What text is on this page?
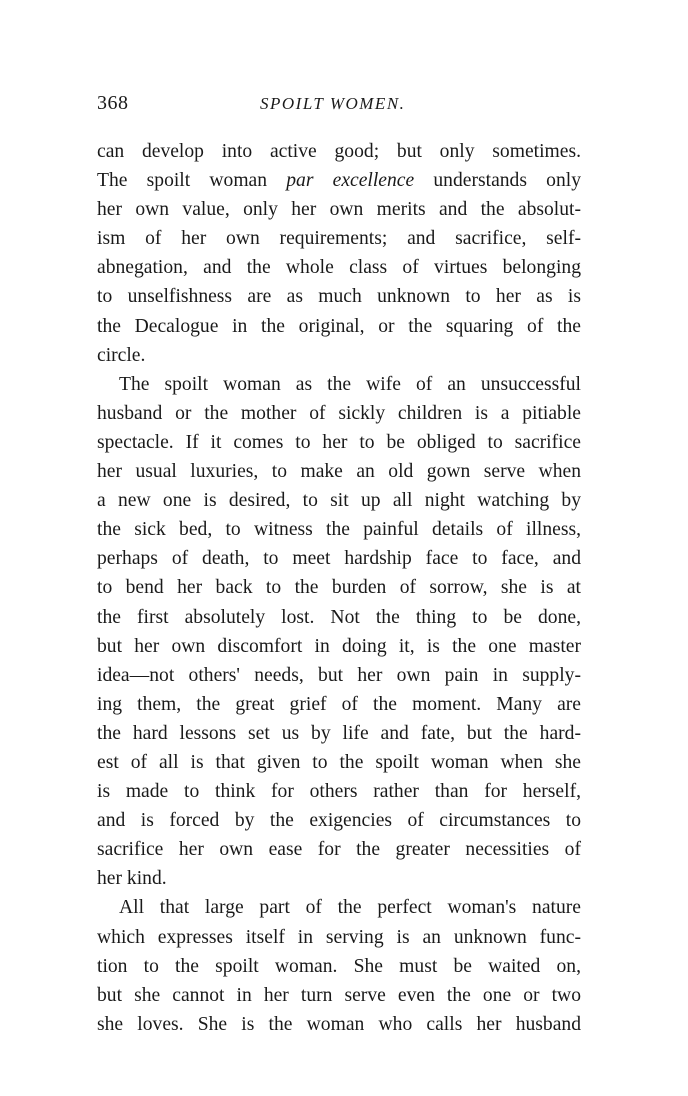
368	SPOILT WOMEN.
can develop into active good; but only sometimes.
The spoilt woman par excellence understands only
her own value, only her own merits and the absolut-
ism of her own requirements; and sacrifice, self-
abnegation, and the whole class of virtues belonging
to unselfishness are as much unknown to her as is
the Decalogue in the original, or the squaring of the
circle.
The spoilt woman as the wife of an unsuccessful
husband or the mother of sickly children is a pitiable
spectacle. If it comes to her to be obliged to sacrifice
her usual luxuries, to make an old gown serve when
a new one is desired, to sit up all night watching by
the sick bed, to witness the painful details of illness,
perhaps of death, to meet hardship face to face, and
to bend her back to the burden of sorrow, she is at
the first absolutely lost. Not the thing to be done,
but her own discomfort in doing it, is the one master
idea—not others' needs, but her own pain in supply-
ing them, the great grief of the moment. Many are
the hard lessons set us by life and fate, but the hard-
est of all is that given to the spoilt woman when she
is made to think for others rather than for herself,
and is forced by the exigencies of circumstances to
sacrifice her own ease for the greater necessities of
her kind.
All that large part of the perfect woman's nature
which expresses itself in serving is an unknown func-
tion to the spoilt woman. She must be waited on,
but she cannot in her turn serve even the one or two
she loves. She is the woman who calls her husband
